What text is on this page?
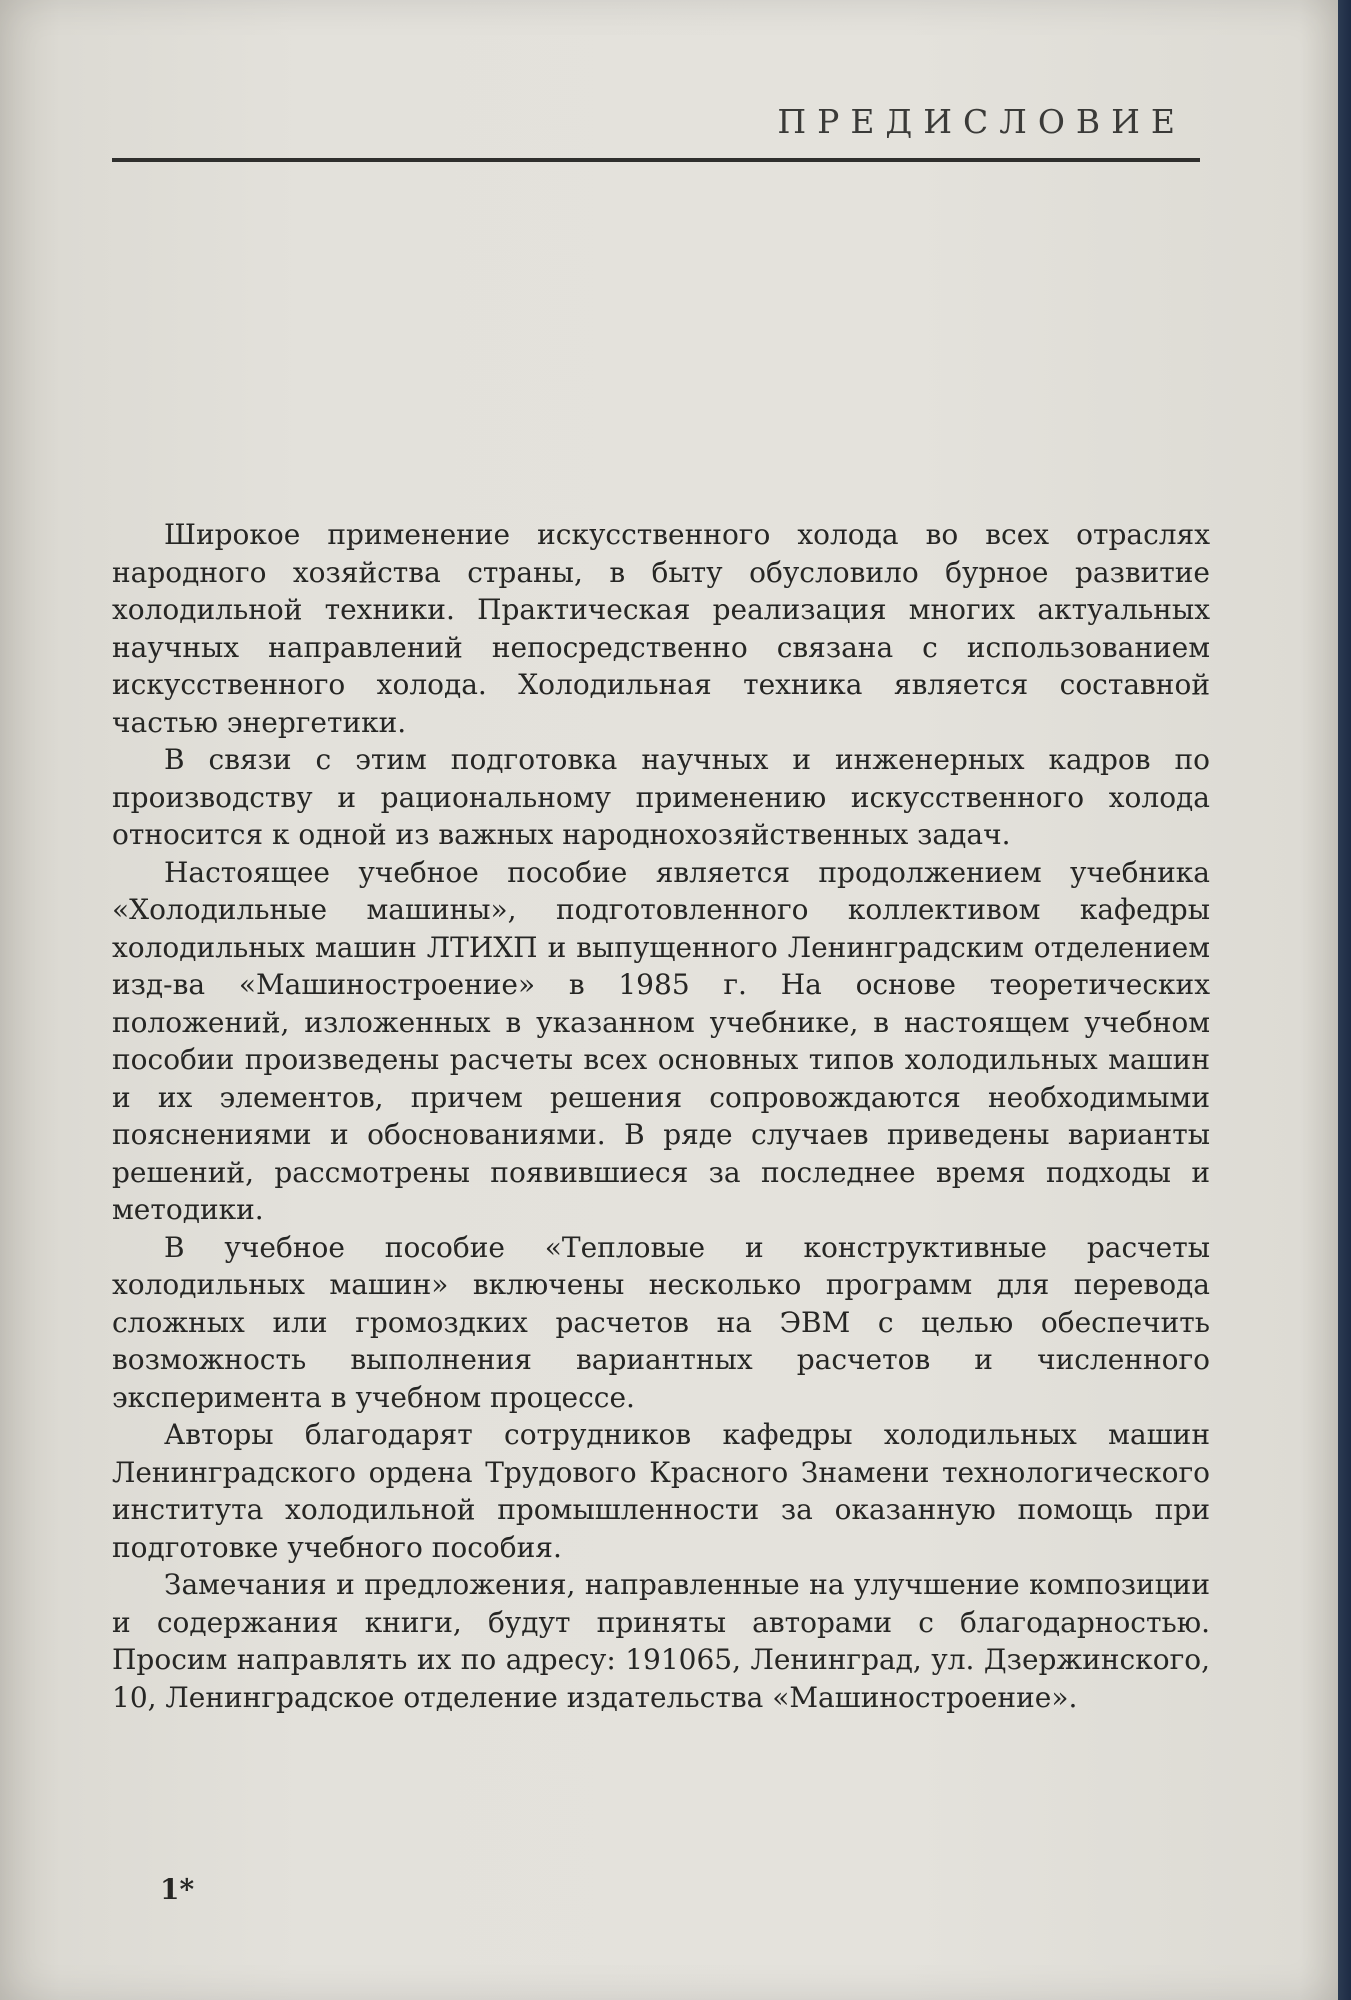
ПРЕДИСЛОВИЕ

Широкое применение искусственного холода во всех отраслях народного хозяйства страны, в быту обусловило бурное развитие холодильной техники. Практическая реализация многих актуальных научных направлений непосредственно связана с использованием искусственного холода. Холодильная техника является составной частью энергетики.

В связи с этим подготовка научных и инженерных кадров по производству и рациональному применению искусственного холода относится к одной из важных народнохозяйственных задач.

Настоящее учебное пособие является продолжением учебника «Холодильные машины», подготовленного коллективом кафедры холодильных машин ЛТИХП и выпущенного Ленинградским отделением изд-ва «Машиностроение» в 1985 г. На основе теоретических положений, изложенных в указанном учебнике, в настоящем учебном пособии произведены расчеты всех основных типов холодильных машин и их элементов, причем решения сопровождаются необходимыми пояснениями и обоснованиями. В ряде случаев приведены варианты решений, рассмотрены появившиеся за последнее время подходы и методики.

В учебное пособие «Тепловые и конструктивные расчеты холодильных машин» включены несколько программ для перевода сложных или громоздких расчетов на ЭВМ с целью обеспечить возможность выполнения вариантных расчетов и численного эксперимента в учебном процессе.

Авторы благодарят сотрудников кафедры холодильных машин Ленинградского ордена Трудового Красного Знамени технологического института холодильной промышленности за оказанную помощь при подготовке учебного пособия.

Замечания и предложения, направленные на улучшение композиции и содержания книги, будут приняты авторами с благодарностью. Просим направлять их по адресу: 191065, Ленинград, ул. Дзержинского, 10, Ленинградское отделение издательства «Машиностроение».

1*
